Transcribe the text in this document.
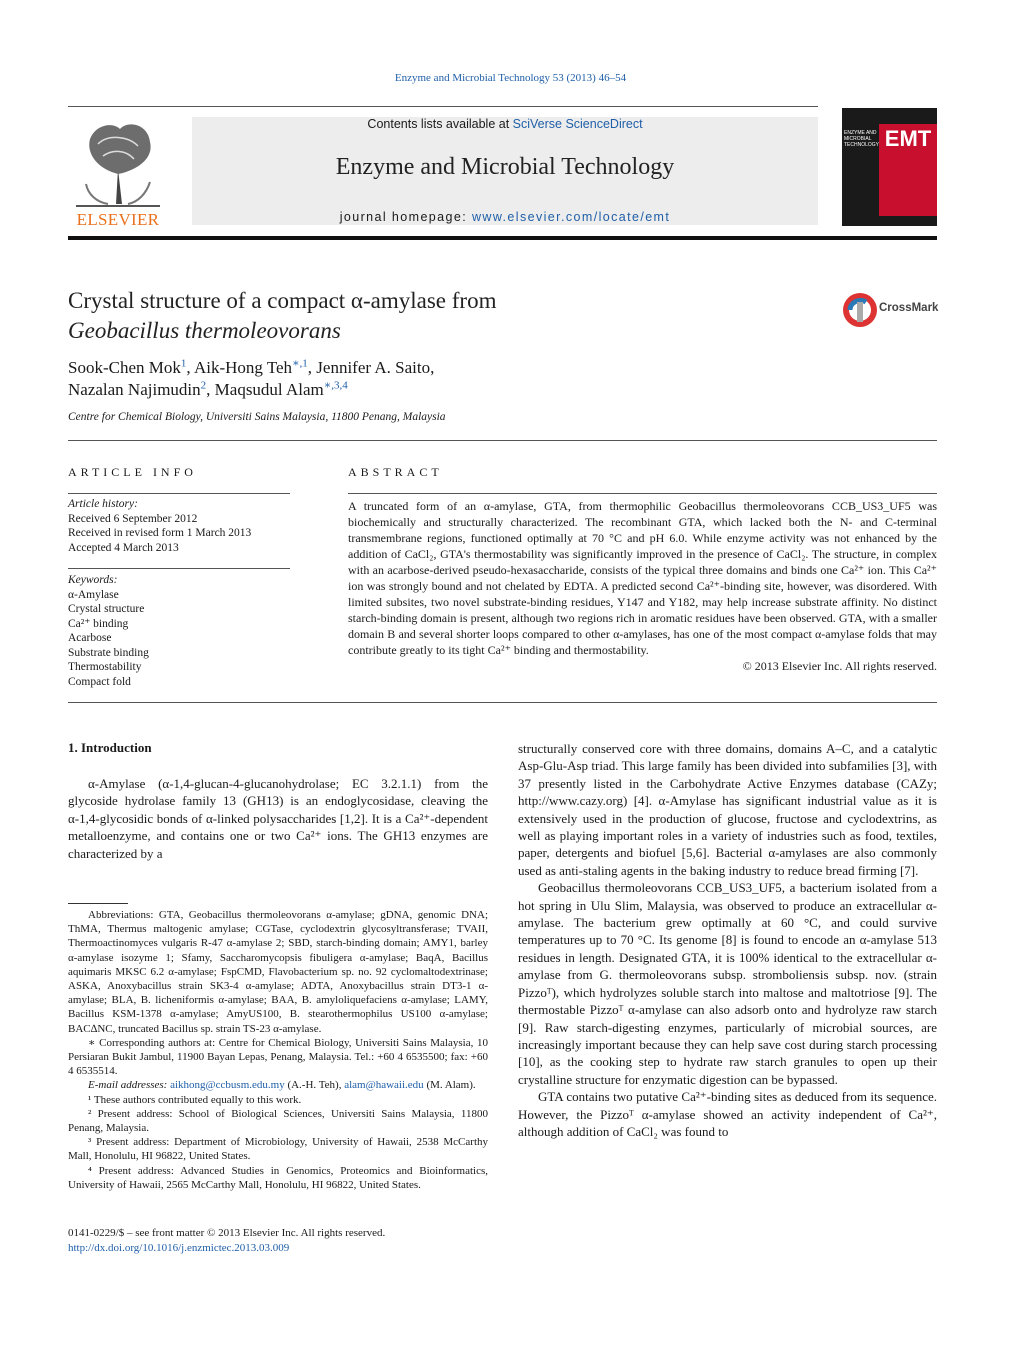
Enzyme and Microbial Technology 53 (2013) 46–54
ELSEVIER
Contents lists available at SciVerse ScienceDirect
Enzyme and Microbial Technology
journal homepage: www.elsevier.com/locate/emt
ENZYME AND MICROBIAL TECHNOLOGY EMT
Crystal structure of a compact α-amylase from
Geobacillus thermoleovorans
CrossMark
Sook-Chen Mok$^1$, Aik-Hong Teh$^{∗,1}$, Jennifer A. Saito,
Nazalan Najimudin$^2$, Maqsudul Alam$^{∗,3,4}$
Centre for Chemical Biology, Universiti Sains Malaysia, 11800 Penang, Malaysia
ARTICLE INFO	ABSTRACT
Article history:
Received 6 September 2012
Received in revised form 1 March 2013
Accepted 4 March 2013
Keywords:
α-Amylase
Crystal structure
Ca²⁺ binding
Acarbose
Substrate binding
Thermostability
Compact fold
A truncated form of an α-amylase, GTA, from thermophilic Geobacillus thermoleovorans CCB_US3_UF5 was biochemically and structurally characterized. The recombinant GTA, which lacked both the N- and C-terminal transmembrane regions, functioned optimally at 70 °C and pH 6.0. While enzyme activity was not enhanced by the addition of CaCl₂, GTA's thermostability was significantly improved in the presence of CaCl₂. The structure, in complex with an acarbose-derived pseudo-hexasaccharide, consists of the typical three domains and binds one Ca²⁺ ion. This Ca²⁺ ion was strongly bound and not chelated by EDTA. A predicted second Ca²⁺-binding site, however, was disordered. With limited subsites, two novel substrate-binding residues, Y147 and Y182, may help increase substrate affinity. No distinct starch-binding domain is present, although two regions rich in aromatic residues have been observed. GTA, with a smaller domain B and several shorter loops compared to other α-amylases, has one of the most compact α-amylase folds that may contribute greatly to its tight Ca²⁺ binding and thermostability.
© 2013 Elsevier Inc. All rights reserved.
1. Introduction

α-Amylase (α-1,4-glucan-4-glucanohydrolase; EC 3.2.1.1) from the glycoside hydrolase family 13 (GH13) is an endoglycosidase, cleaving the α-1,4-glycosidic bonds of α-linked polysaccharides [1,2]. It is a Ca²⁺-dependent metalloenzyme, and contains one or two Ca²⁺ ions. The GH13 enzymes are characterized by a

structurally conserved core with three domains, domains A–C, and a catalytic Asp-Glu-Asp triad. This large family has been divided into subfamilies [3], with 37 presently listed in the Carbohydrate Active Enzymes database (CAZy; http://www.cazy.org) [4]. α-Amylase has significant industrial value as it is extensively used in the production of glucose, fructose and cyclodextrins, as well as playing important roles in a variety of industries such as food, textiles, paper, detergents and biofuel [5,6]. Bacterial α-amylases are also commonly used as anti-staling agents in the baking industry to reduce bread firming [7].

Geobacillus thermoleovorans CCB_US3_UF5, a bacterium isolated from a hot spring in Ulu Slim, Malaysia, was observed to produce an extracellular α-amylase. The bacterium grew optimally at 60 °C, and could survive temperatures up to 70 °C. Its genome [8] is found to encode an α-amylase 513 residues in length. Designated GTA, it is 100% identical to the extracellular α-amylase from G. thermoleovorans subsp. stromboliensis subsp. nov. (strain Pizzoᵀ), which hydrolyzes soluble starch into maltose and maltotriose [9]. The thermostable Pizzoᵀ α-amylase can also adsorb onto and hydrolyze raw starch [9]. Raw starch-digesting enzymes, particularly of microbial sources, are increasingly important because they can help save cost during starch processing [10], as the cooking step to hydrate raw starch granules to open up their crystalline structure for enzymatic digestion can be bypassed.

GTA contains two putative Ca²⁺-binding sites as deduced from its sequence. However, the Pizzoᵀ α-amylase showed an activity independent of Ca²⁺, although addition of CaCl₂ was found to

Abbreviations: GTA, Geobacillus thermoleovorans α-amylase; gDNA, genomic DNA; ThMA, Thermus maltogenic amylase; CGTase, cyclodextrin glycosyltransferase; TVAII, Thermoactinomyces vulgaris R-47 α-amylase 2; SBD, starch-binding domain; AMY1, barley α-amylase isozyme 1; Sfamy, Saccharomycopsis fibuligera α-amylase; BaqA, Bacillus aquimaris MKSC 6.2 α-amylase; FspCMD, Flavobacterium sp. no. 92 cyclomaltodextrinase; ASKA, Anoxybacillus strain SK3-4 α-amylase; ADTA, Anoxybacillus strain DT3-1 α-amylase; BLA, B. licheniformis α-amylase; BAA, B. amyloliquefaciens α-amylase; LAMY, Bacillus KSM-1378 α-amylase; AmyUS100, B. stearothermophilus US100 α-amylase; BAC∆NC, truncated Bacillus sp. strain TS-23 α-amylase.

∗ Corresponding authors at: Centre for Chemical Biology, Universiti Sains Malaysia, 10 Persiaran Bukit Jambul, 11900 Bayan Lepas, Penang, Malaysia. Tel.: +60 4 6535500; fax: +60 4 6535514.

E-mail addresses: aikhong@ccbusm.edu.my (A.-H. Teh), alam@hawaii.edu (M. Alam).

¹ These authors contributed equally to this work.

² Present address: School of Biological Sciences, Universiti Sains Malaysia, 11800 Penang, Malaysia.

³ Present address: Department of Microbiology, University of Hawaii, 2538 McCarthy Mall, Honolulu, HI 96822, United States.

⁴ Present address: Advanced Studies in Genomics, Proteomics and Bioinformatics, University of Hawaii, 2565 McCarthy Mall, Honolulu, HI 96822, United States.

0141-0229/$ – see front matter © 2013 Elsevier Inc. All rights reserved.
http://dx.doi.org/10.1016/j.enzmictec.2013.03.009
